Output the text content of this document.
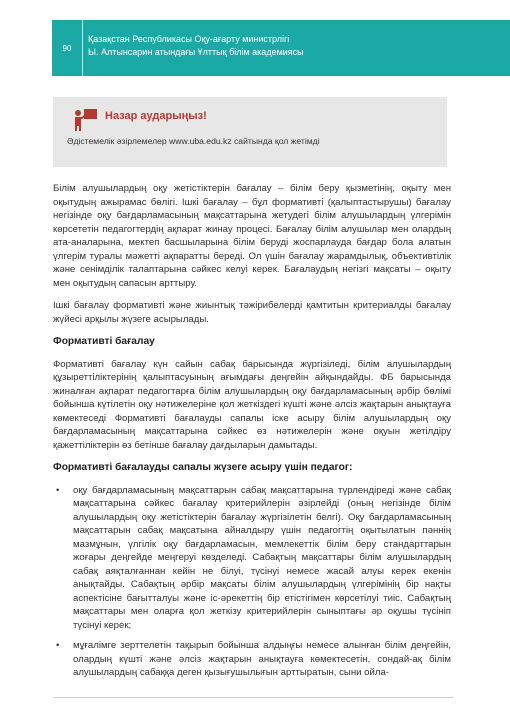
90
Қазақстан Республикасы Оқу-ағарту министрлігі
Ы. Алтынсарин атындағы Ұлттық білім академиясы
Назар аударыңыз!
Әдістемелік әзірлемелер www.uba.edu.kz сайтында қол жетімді

Білім алушылардың оқу жетістіктерін бағалау – білім беру қызметінің, оқыту мен оқытудың ажырамас бөлігі. Ішкі бағалау – бұл формативті (қалыптастырушы) бағалау негізінде оқу бағдарламасының мақсаттарына жетудегі білім алушылардың үлгерімін көрсететін педагогтердің ақпарат жинау процесі. Бағалау білім алушылар мен олардың ата-аналарына, мектеп басшыларына білім беруді жоспарлауда бағдар бола алатын үлгерім туралы мәжетті ақпаратты береді. Ол үшін бағалау жарамдылық, объективтілік және сенімділік талаптарына сәйкес келуі керек. Бағалаудың негізгі мақсаты – оқыту мен оқытудың сапасын арттыру.

Ішкі бағалау формативті және жиынтық тәжірибелерді қамтитын критериалды бағалау жүйесі арқылы жүзеге асырылады.

Формативті бағалау

Формативті бағалау күн сайын сабақ барысында жүргізіледі, білім алушылардың құзыреттіліктерінің қалыптасуының ағымдағы деңгейін айқындайды. ФБ барысында жиналған ақпарат педагогтарға білім алушылардың оқу бағдарламасының әрбір бөлімі бойынша күтілетін оқу нәтижелеріне қол жеткіздегі күшті және әлсіз жақтарын анықтауға көмектеседі Формативті бағалауды сапалы іске асыру білім алушылардың оқу бағдарламасының мақсаттарына сәйкес өз нәтижелерін және оқуын жетілдіру қажеттіліктерін өз бетінше бағалау дағдыларын дамытады.

Формативті бағалауды сапалы жүзеге асыру үшін педагог:
• оқу бағдарламасының мақсаттарын сабақ мақсаттарына түрлендіреді және сабақ мақсаттарына сәйкес бағалау критерийлерін әзірлейді (оның негізінде білім алушылардың оқу жетістіктерін бағалау жүргізілетін белгі). Оқу бағдарламасының мақсаттарын сабақ мақсатына айналдыру үшін педагогтің оқытылатын пәннің мазмұнын, үлгілік оқу бағдарламасын, мемлекеттік білім беру стандарттарын жоғары деңгейде меңгеруі көзделеді. Сабақтың мақсаттары білім алушылардың сабақ аяқталғаннан кейін не білуі, түсінуі немесе жасай алуы керек екенін анықтайды. Сабақтың әрбір мақсаты білім алушылардың үлгерімінің бір нақты аспектісіне бағытталуы және іс-әрекеттің бір етістігімен көрсетілуі тиіс. Сабақтың мақсаттары мен оларға қол жеткізу критерийлерін сыныптағы әр оқушы түсініп түсінуі керек;
• мұғалімге зерттелетін тақырып бойынша алдыңғы немесе алынған білім деңгейін, олардың күшті және әлсіз жақтарын анықтауға көмектесетін, сондай-ақ білім алушылардың сабаққа деген қызығушылығын арттыратын, сыни ойла-
